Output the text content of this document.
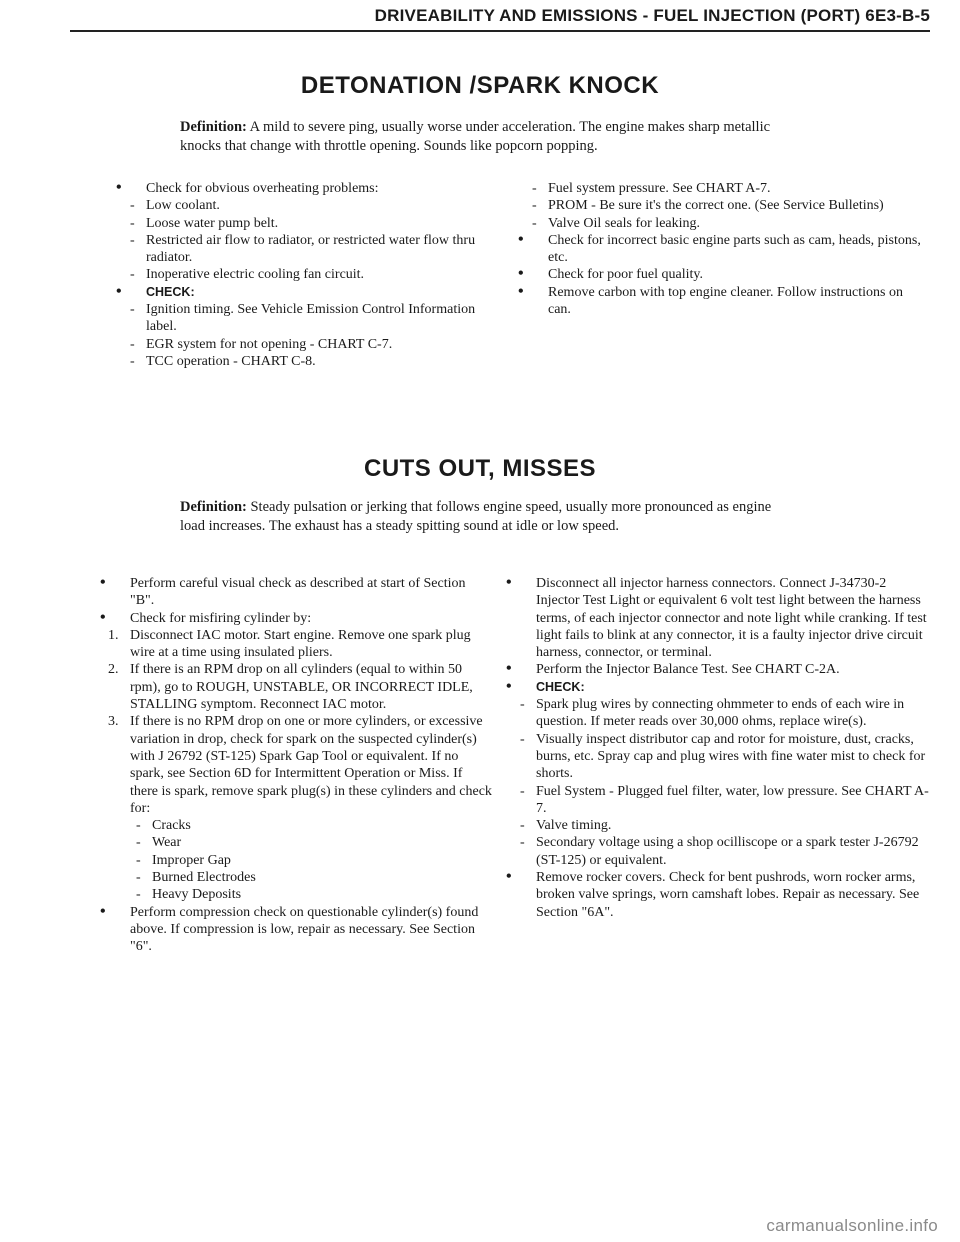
DRIVEABILITY AND EMISSIONS - FUEL INJECTION (PORT) 6E3-B-5
DETONATION /SPARK KNOCK
Definition: A mild to severe ping, usually worse under acceleration. The engine makes sharp metallic knocks that change with throttle opening. Sounds like popcorn popping.
• Check for obvious overheating problems:
- Low coolant.
- Loose water pump belt.
- Restricted air flow to radiator, or restricted water flow thru radiator.
- Inoperative electric cooling fan circuit.
• CHECK:
- Ignition timing. See Vehicle Emission Control Information label.
- EGR system for not opening - CHART C-7.
- TCC operation - CHART C-8.
- Fuel system pressure. See CHART A-7.
- PROM - Be sure it's the correct one. (See Service Bulletins)
- Valve Oil seals for leaking.
• Check for incorrect basic engine parts such as cam, heads, pistons, etc.
• Check for poor fuel quality.
• Remove carbon with top engine cleaner. Follow instructions on can.
CUTS OUT, MISSES
Definition: Steady pulsation or jerking that follows engine speed, usually more pronounced as engine load increases. The exhaust has a steady spitting sound at idle or low speed.
• Perform careful visual check as described at start of Section "B".
• Check for misfiring cylinder by:
1. Disconnect IAC motor. Start engine. Remove one spark plug wire at a time using insulated pliers.
2. If there is an RPM drop on all cylinders (equal to within 50 rpm), go to ROUGH, UNSTABLE, OR INCORRECT IDLE, STALLING symptom. Reconnect IAC motor.
3. If there is no RPM drop on one or more cylinders, or excessive variation in drop, check for spark on the suspected cylinder(s) with J 26792 (ST-125) Spark Gap Tool or equivalent. If no spark, see Section 6D for Intermittent Operation or Miss. If there is spark, remove spark plug(s) in these cylinders and check for:
- Cracks
- Wear
- Improper Gap
- Burned Electrodes
- Heavy Deposits
• Perform compression check on questionable cylinder(s) found above. If compression is low, repair as necessary. See Section "6".
• Disconnect all injector harness connectors. Connect J-34730-2 Injector Test Light or equivalent 6 volt test light between the harness terms, of each injector connector and note light while cranking. If test light fails to blink at any connector, it is a faulty injector drive circuit harness, connector, or terminal.
• Perform the Injector Balance Test. See CHART C-2A.
• CHECK:
- Spark plug wires by connecting ohmmeter to ends of each wire in question. If meter reads over 30,000 ohms, replace wire(s).
- Visually inspect distributor cap and rotor for moisture, dust, cracks, burns, etc. Spray cap and plug wires with fine water mist to check for shorts.
- Fuel System - Plugged fuel filter, water, low pressure. See CHART A-7.
- Valve timing.
- Secondary voltage using a shop ocilliscope or a spark tester J-26792 (ST-125) or equivalent.
• Remove rocker covers. Check for bent pushrods, worn rocker arms, broken valve springs, worn camshaft lobes. Repair as necessary. See Section "6A".
carmanualsonline.info
